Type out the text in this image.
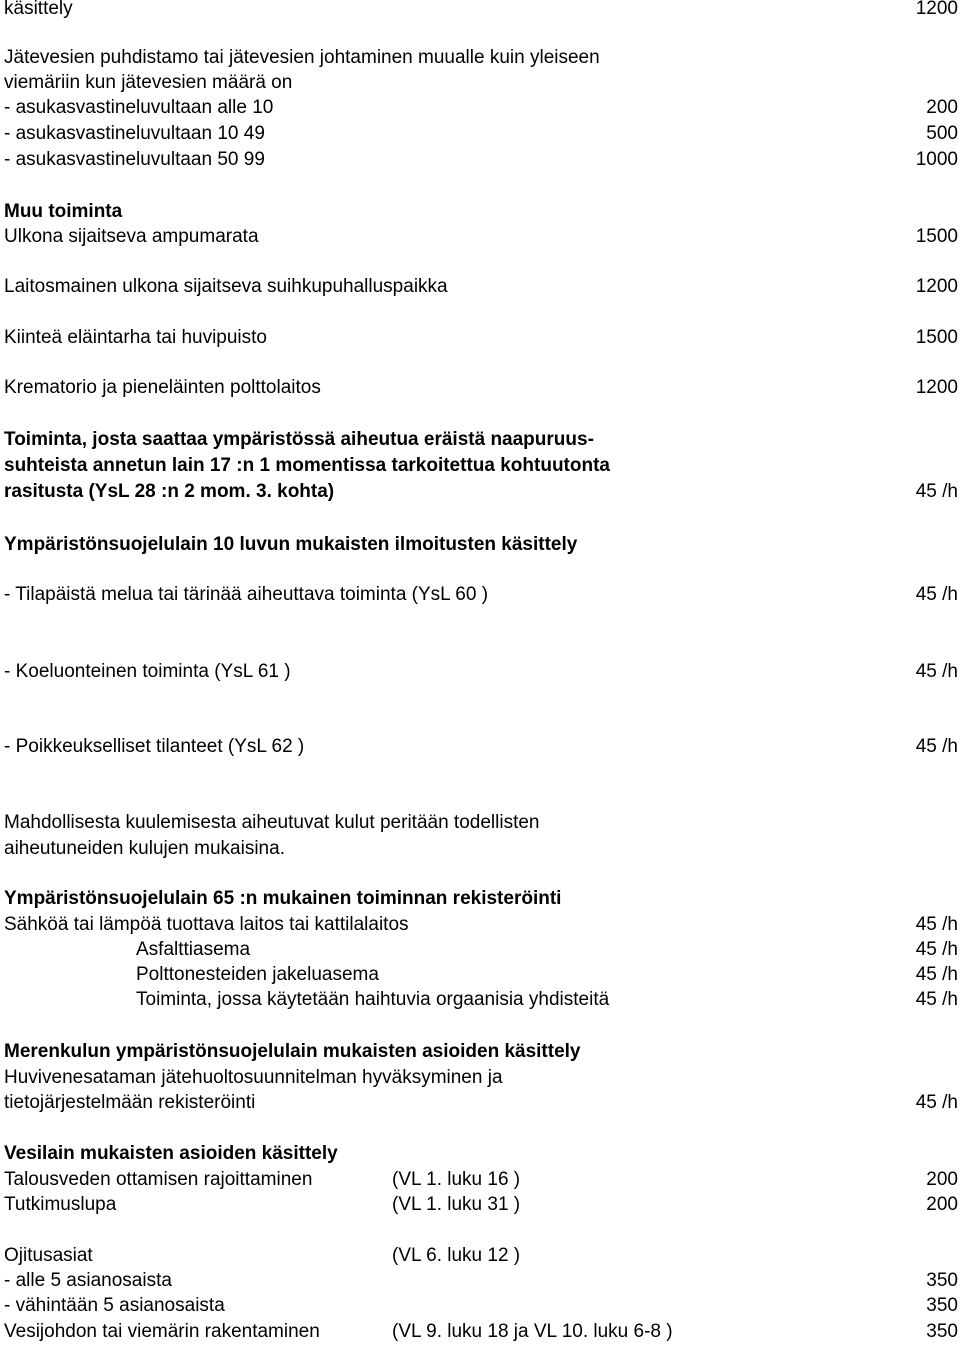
käsittely	1200
Jätevesien puhdistamo tai jätevesien johtaminen muualle kuin yleiseen
viemäriin kun jätevesien määrä on
- asukasvastineluvultaan alle 10	200
- asukasvastineluvultaan 10 49	500
- asukasvastineluvultaan 50 99	1000
Muu toiminta
Ulkona sijaitseva ampumarata	1500
Laitosmainen ulkona sijaitseva suihkupuhalluspaikka	1200
Kiinteä eläintarha tai huvipuisto	1500
Krematorio ja pieneläinten polttolaitos	1200
Toiminta, josta saattaa ympäristössä aiheutua eräistä naapuruus-
suhteista annetun lain 17 :n 1 momentissa tarkoitettua kohtuutonta
rasitusta (YsL 28 :n 2 mom. 3. kohta)	45 /h
Ympäristönsuojelulain 10 luvun mukaisten ilmoitusten käsittely
- Tilapäistä melua tai tärinää aiheuttava toiminta (YsL 60 )	45 /h
- Koeluonteinen toiminta (YsL 61 )	45 /h
- Poikkeukselliset tilanteet (YsL 62 )	45 /h
Mahdollisesta kuulemisesta aiheutuvat kulut peritään todellisten
aiheutuneiden kulujen mukaisina.
Ympäristönsuojelulain 65 :n mukainen toiminnan rekisteröinti
Sähköä tai lämpöä tuottava laitos tai kattilalaitos	45 /h
Asfalttiasema	45 /h
Polttonesteiden jakeluasema	45 /h
Toiminta, jossa käytetään haihtuvia orgaanisia yhdisteitä	45 /h
Merenkulun ympäristönsuojelulain mukaisten asioiden käsittely
Huvivenesataman jätehuoltosuunnitelman hyväksyminen ja
tietojärjestelmään rekisteröinti	45 /h
Vesilain mukaisten asioiden käsittely
Talousveden ottamisen rajoittaminen	(VL 1. luku 16 )	200
Tutkimuslupa	(VL 1. luku 31 )	200
Ojitusasiat	(VL 6. luku 12 )
- alle 5 asianosaista	350
- vähintään 5 asianosaista	350
Vesijohdon tai viemärin rakentaminen	(VL 9. luku 18 ja VL 10. luku 6-8 )	350
